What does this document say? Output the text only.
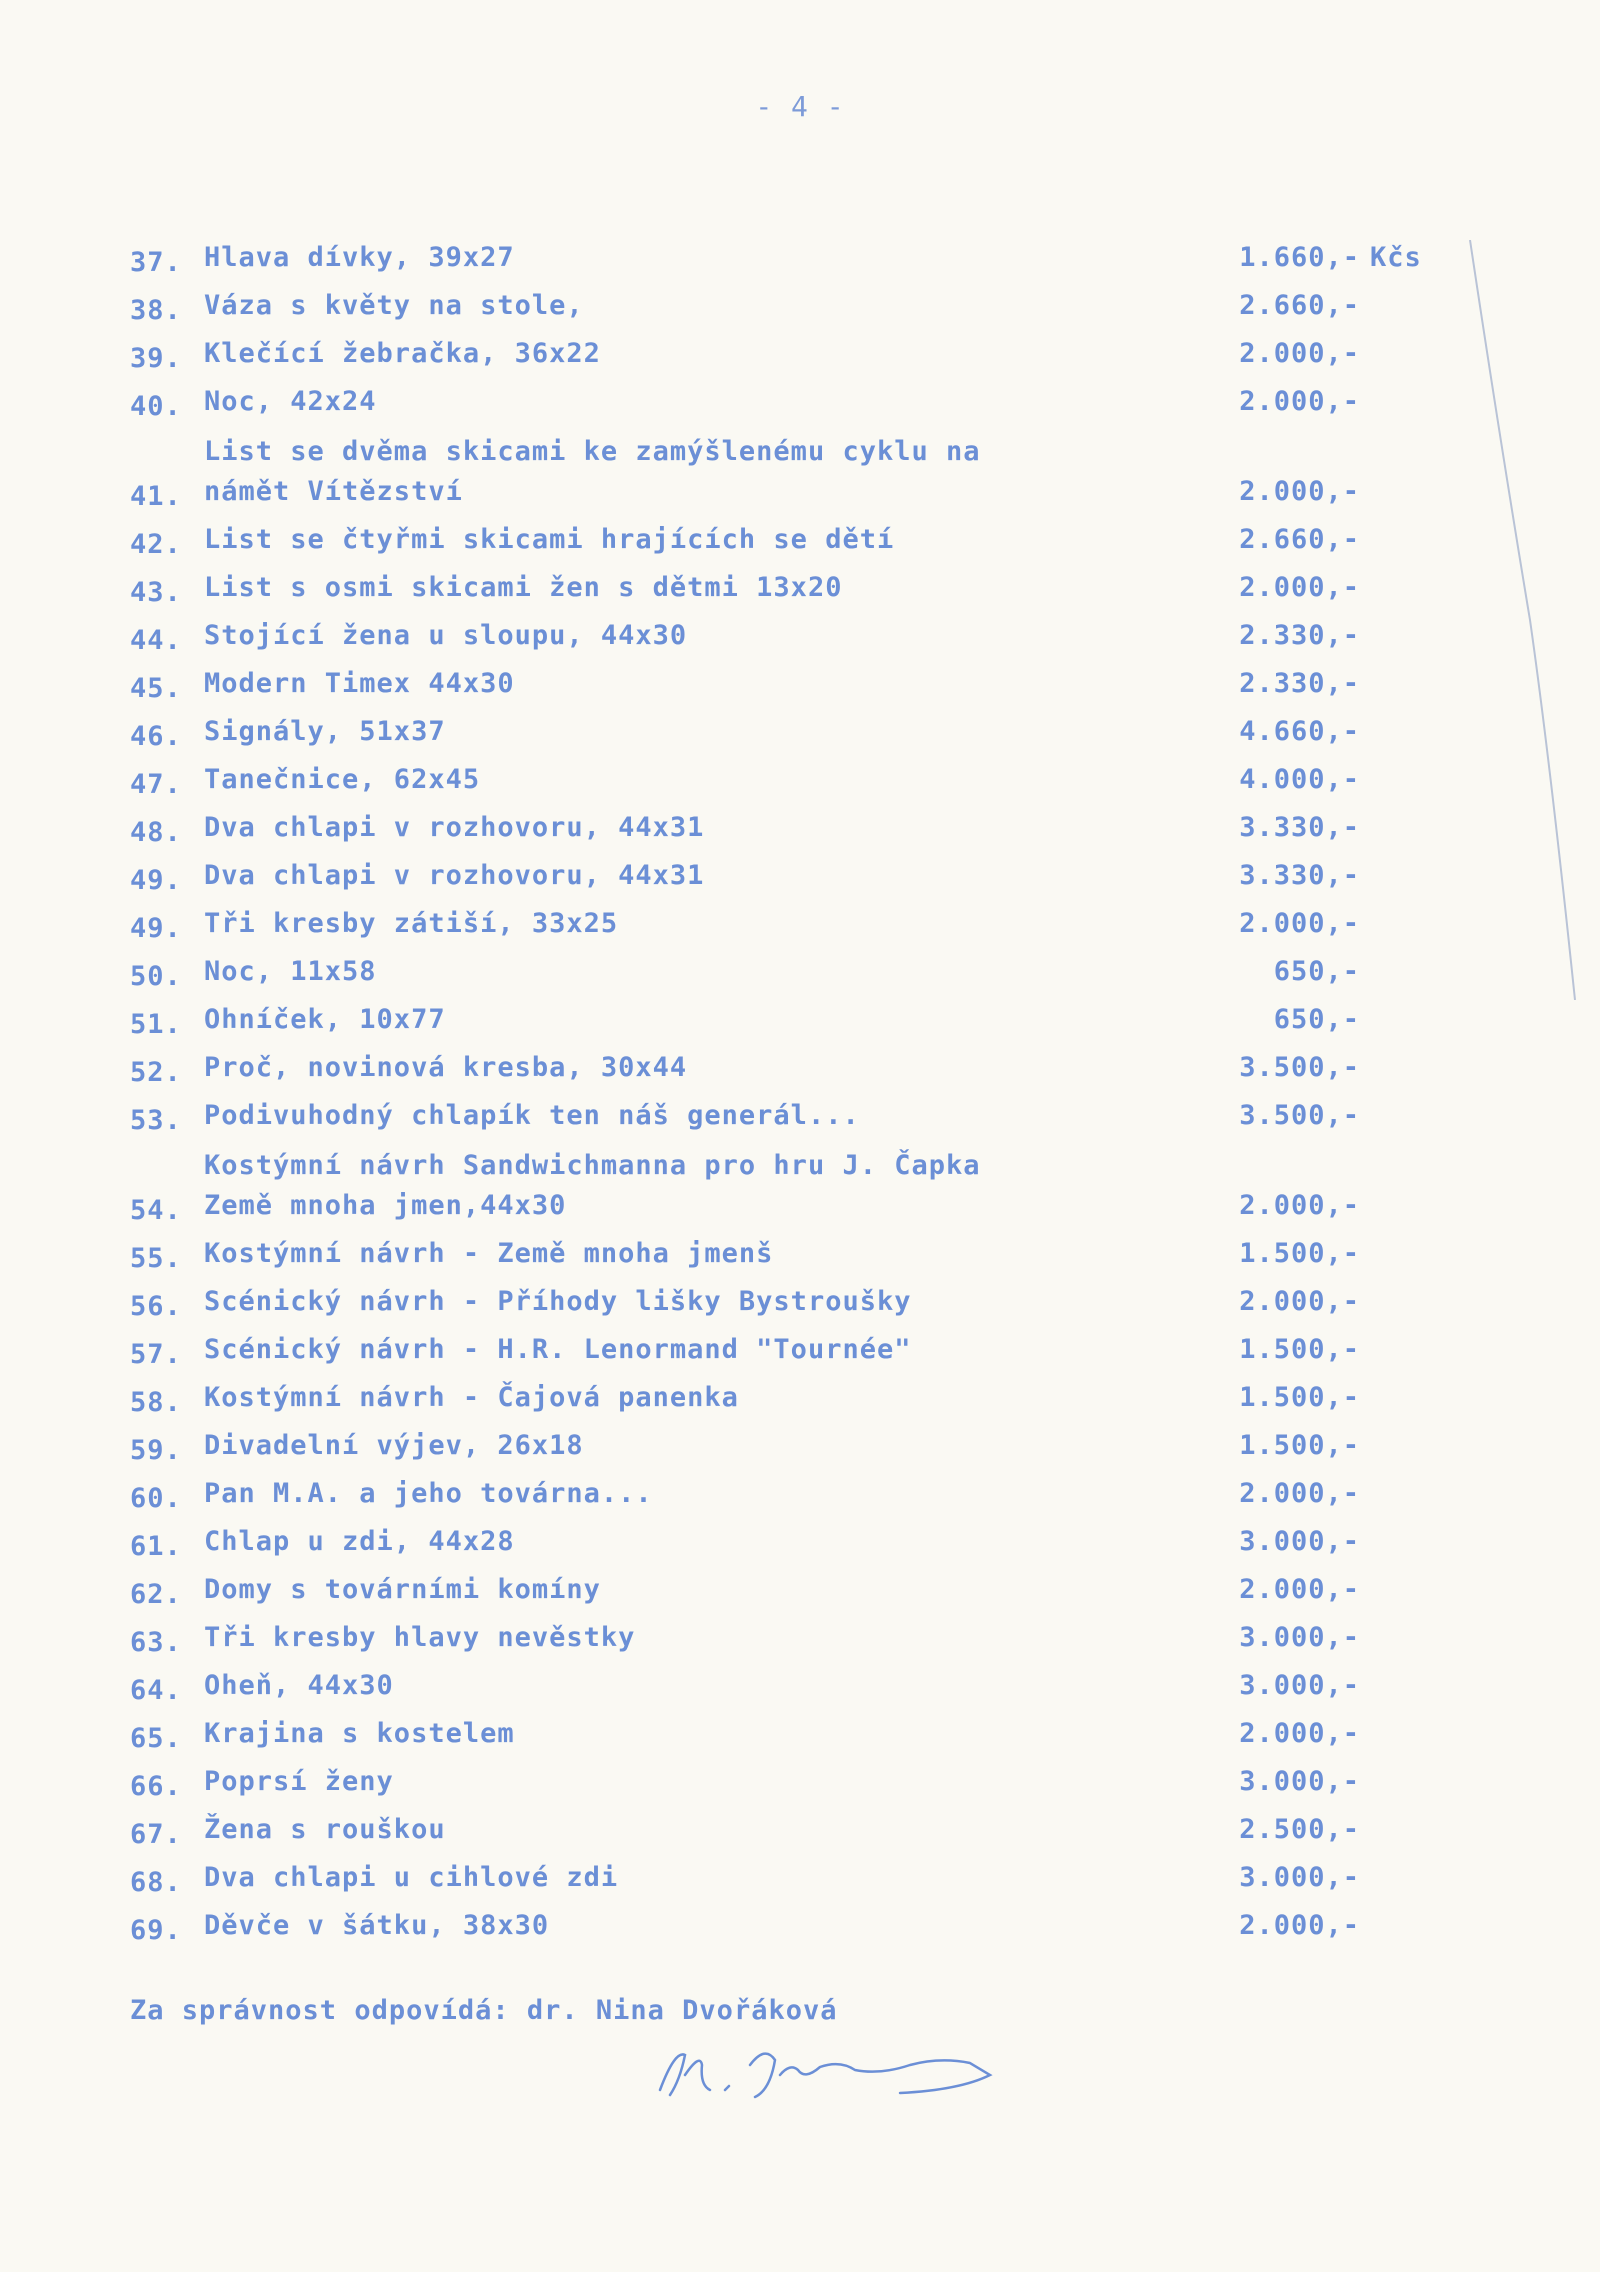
- 4 -
37. Hlava dívky, 39x27	1.660,- Kčs
38. Váza s květy na stole,	2.660,-
39. Klečící žebračka, 36x22	2.000,-
40. Noc, 42x24	2.000,-
41.
List se dvěma skicami ke zamýšlenému cyklu na
námět Vítězství	2.000,-
42. List se čtyřmi skicami hrajících se dětí	2.660,-
43. List s osmi skicami žen s dětmi 13x20	2.000,-
44. Stojící žena u sloupu, 44x30	2.330,-
45. Modern Timex 44x30	2.330,-
46. Signály, 51x37	4.660,-
47. Tanečnice, 62x45	4.000,-
48. Dva chlapi v rozhovoru, 44x31	3.330,-
49. Dva chlapi v rozhovoru, 44x31	3.330,-
49. Tři kresby zátiší, 33x25	2.000,-
50. Noc, 11x58	650,-
51. Ohníček, 10x77	650,-
52. Proč, novinová kresba, 30x44	3.500,-
53. Podivuhodný chlapík ten náš generál...	3.500,-
54.
Kostýmní návrh Sandwichmanna pro hru J. Čapka
Země mnoha jmen,44x30	2.000,-
55. Kostýmní návrh - Země mnoha jmenš	1.500,-
56. Scénický návrh - Příhody lišky Bystroušky	2.000,-
57. Scénický návrh - H.R. Lenormand "Tournée"	1.500,-
58. Kostýmní návrh - Čajová panenka	1.500,-
59. Divadelní výjev, 26x18	1.500,-
60. Pan M.A. a jeho továrna...	2.000,-
61. Chlap u zdi, 44x28	3.000,-
62. Domy s továrními komíny	2.000,-
63. Tři kresby hlavy nevěstky	3.000,-
64. Oheň, 44x30	3.000,-
65. Krajina s kostelem	2.000,-
66. Poprsí ženy	3.000,-
67. Žena s rouškou	2.500,-
68. Dva chlapi u cihlové zdi	3.000,-
69. Děvče v šátku, 38x30	2.000,-
Za správnost odpovídá: dr. Nina Dvořáková
